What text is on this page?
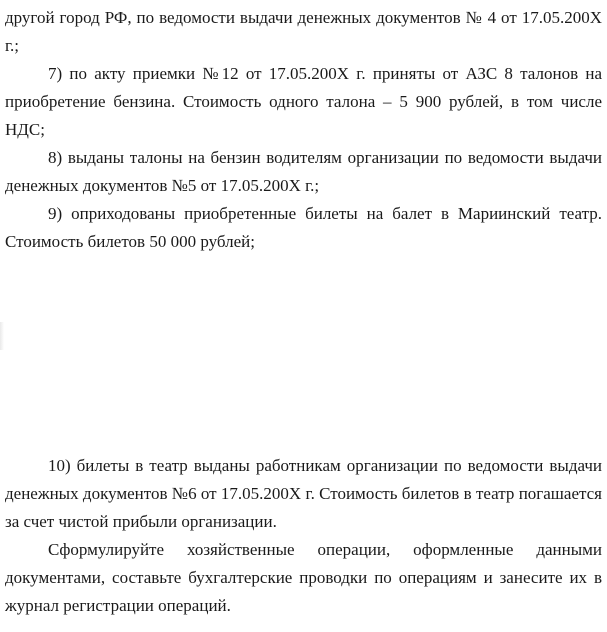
другой город РФ, по ведомости выдачи денежных документов № 4 от 17.05.200Х г.;

7) по акту приемки №12 от 17.05.200Х г. приняты от АЗС 8 талонов на приобретение бензина. Стоимость одного талона – 5 900 рублей, в том числе НДС;

8) выданы талоны на бензин водителям организации по ведомости выдачи денежных документов №5 от 17.05.200Х г.;

9) оприходованы приобретенные билеты на балет в Мариинский театр. Стоимость билетов 50 000 рублей;

10) билеты в театр выданы работникам организации по ведомости выдачи денежных документов №6 от 17.05.200Х г. Стоимость билетов в театр погашается за счет чистой прибыли организации.

Сформулируйте хозяйственные операции, оформленные данными документами, составьте бухгалтерские проводки по операциям и занесите их в журнал регистрации операций.
